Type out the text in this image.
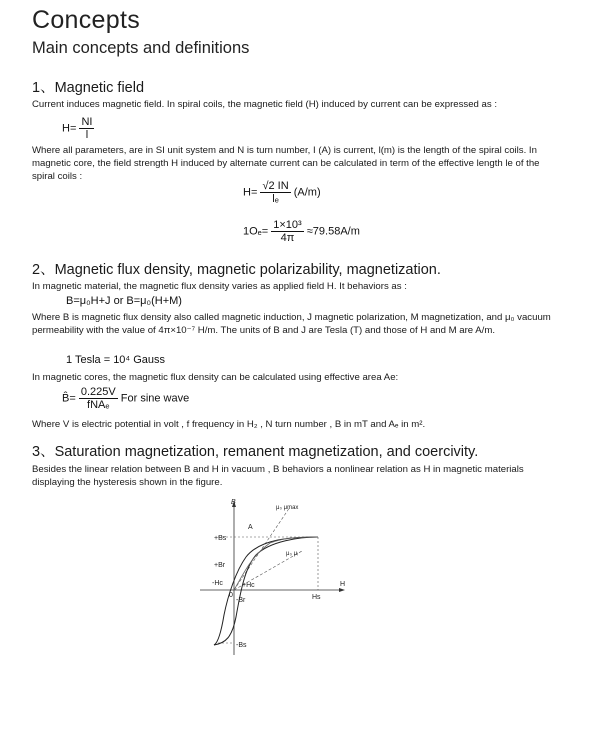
Concepts
Main concepts and definitions
1、Magnetic field
Current induces magnetic field. In spiral coils, the magnetic field (H) induced by current can be expressed as :
$H= \frac{NI}{l}$
Where all parameters, are in SI unit system and N is turn number, I (A) is current, l(m) is the length of the spiral coils. In magnetic core, the field strength H induced by alternate current can be calculated in term of the effective length le of the spiral coils :
$H= \frac{√2 IN}{\text{lₑ}} (A/m)$
$1O_e= \frac{\text{1×10³}}{4\pi} \approx 79.58A/m$
2、Magnetic flux density, magnetic polarizability, magnetization.
In magnetic material, the magnetic flux density varies as applied field H. It behaviors as :
B=μ₀H+J or B=μ₀(H+M)
Where B is magnetic flux density also called magnetic induction, J magnetic polarization, M magnetization, and μ₀ vacuum permeability with the value of 4π×10⁻⁷ H/m. The units of B and J are Tesla (T) and those of H and M are A/m.
1 Tesla = 10⁴ Gauss
In magnetic cores, the magnetic flux density can be calculated using effective area Ae:
B̂= $\frac{0.225V}{\text{fNAₑ}}$ For sine wave
Where V is electric potential in volt , f frequency in H₂ , N turn number , B in mT and Aₑ in m².
3、Saturation magnetization, remanent magnetization, and coercivity.
Besides the linear relation between B and H in vacuum , B behaviors a nonlinear relation as H in magnetic materials displaying the hysteresis shown in the figure.
B
H
μ₀ μmax
μ₀ μᵢ
+Bs
+Br
-Hc	+Hc
-Br
-Bs
0
A
Hs
